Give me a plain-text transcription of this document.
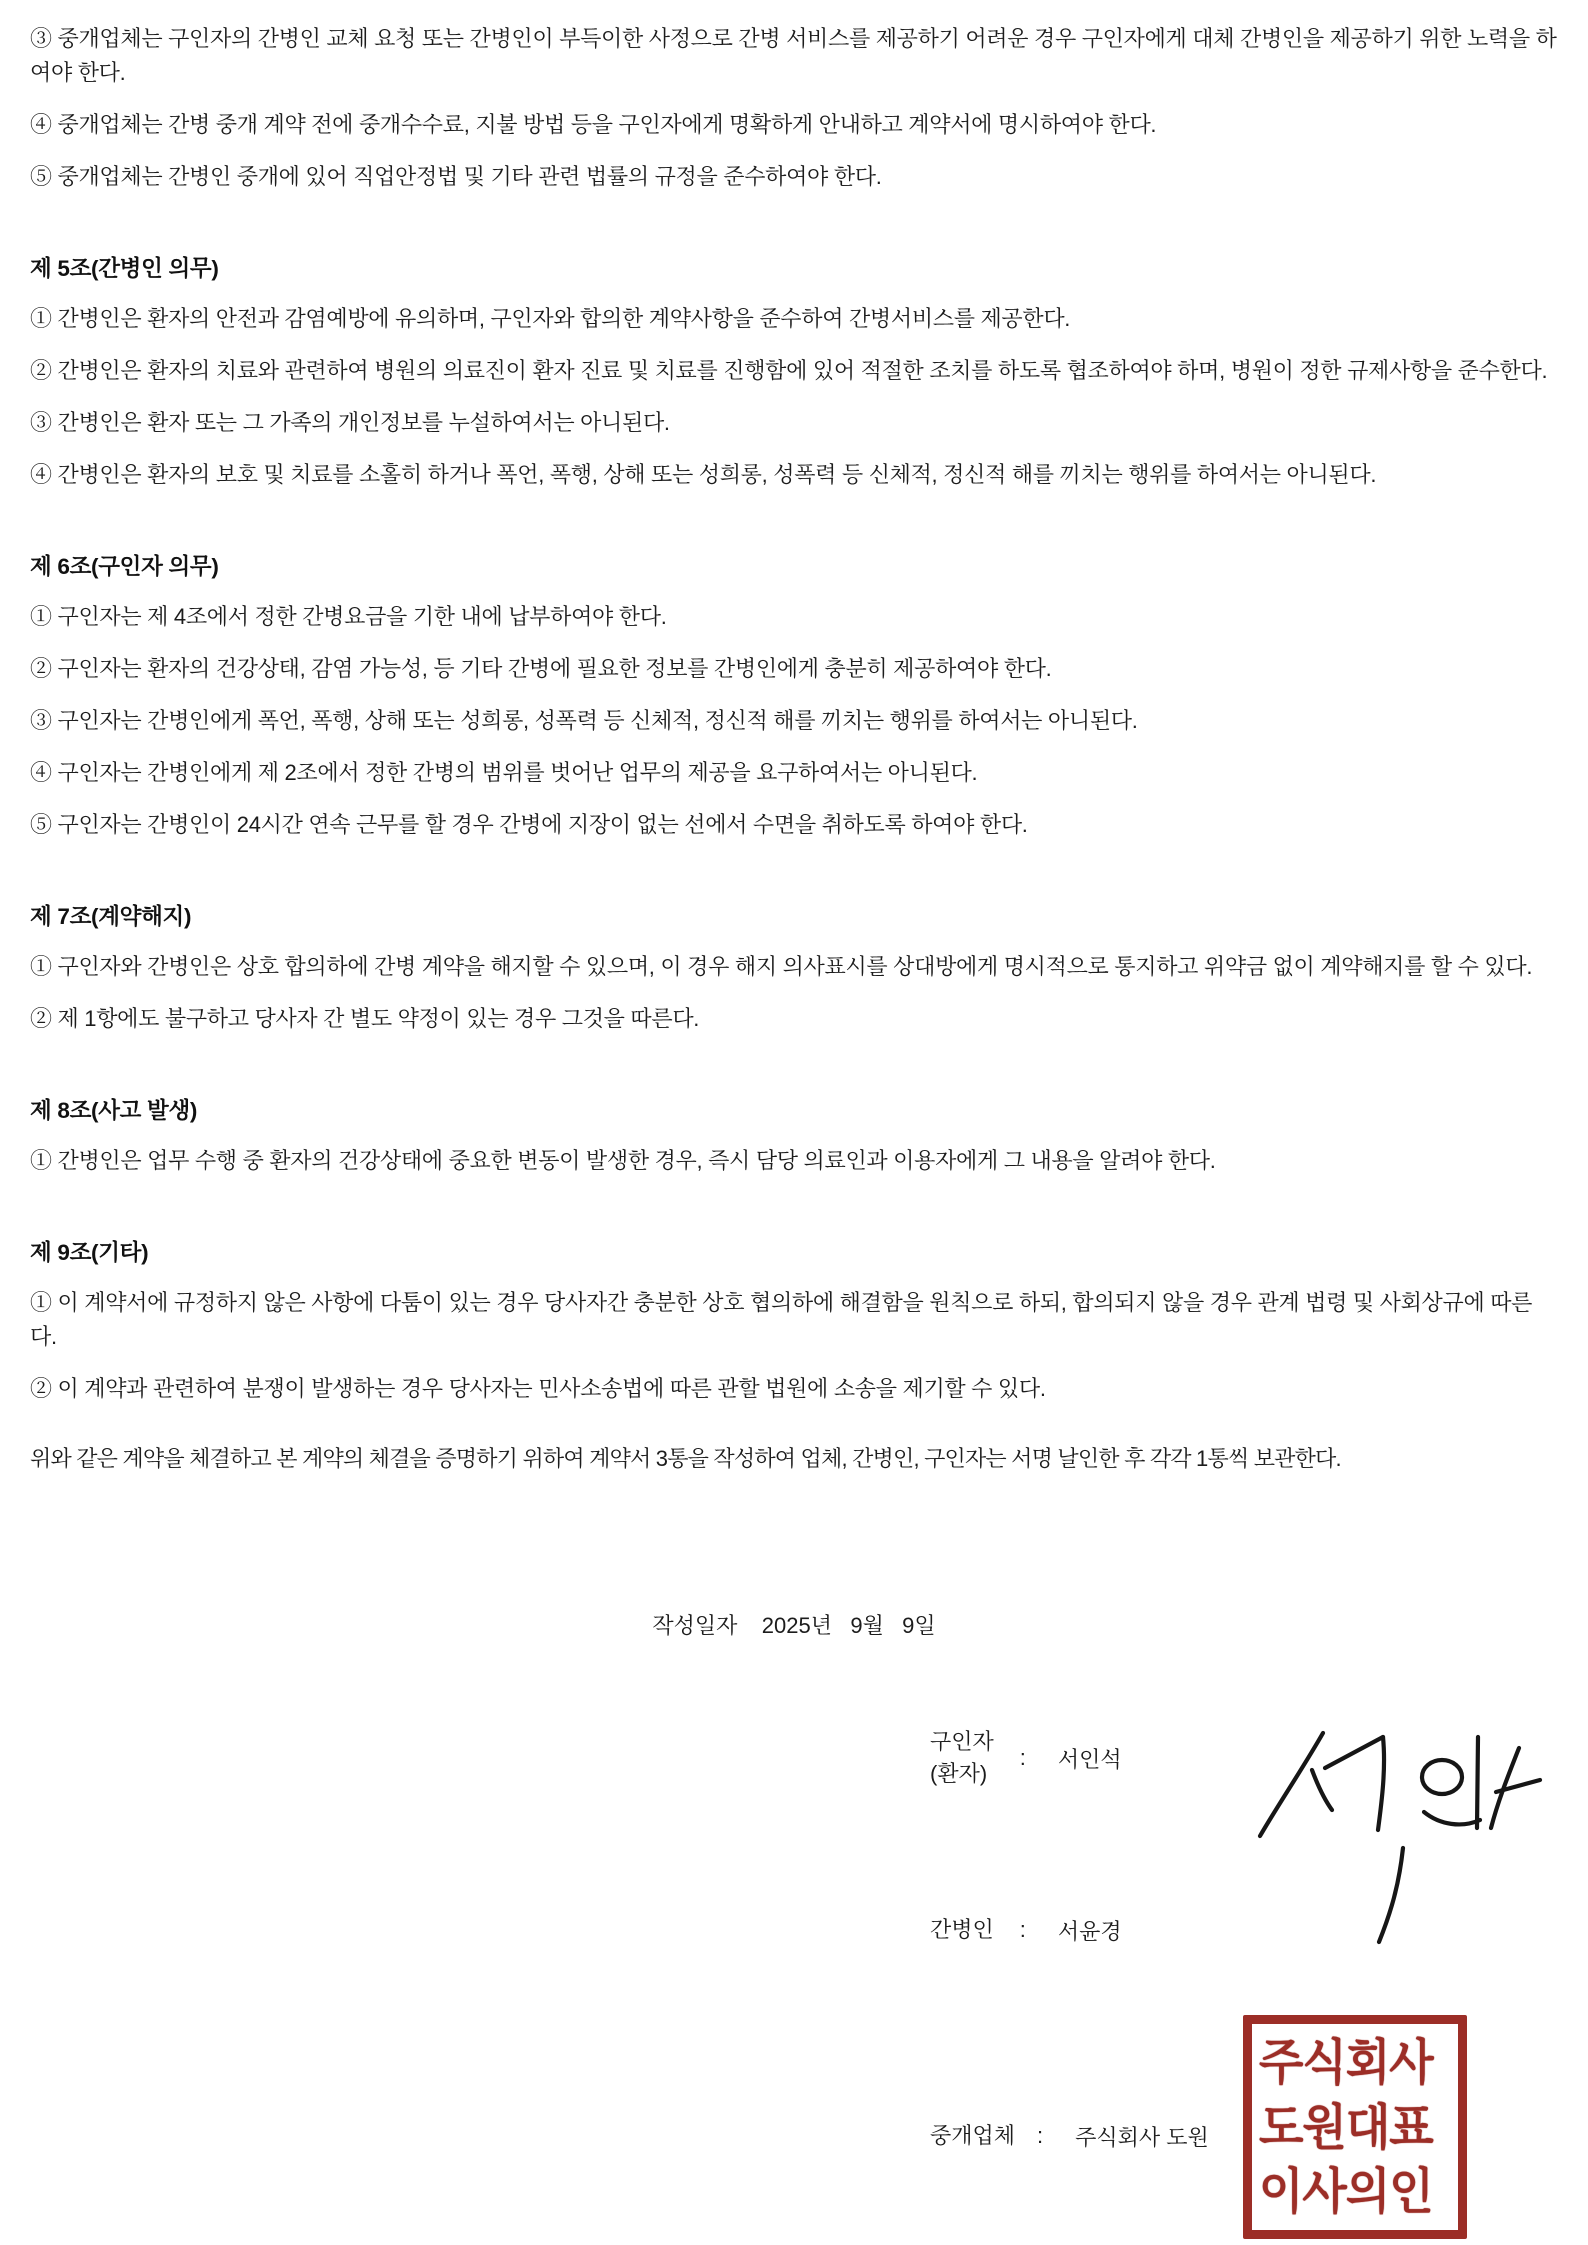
③ 중개업체는 구인자의 간병인 교체 요청 또는 간병인이 부득이한 사정으로 간병 서비스를 제공하기 어려운 경우 구인자에게 대체 간병인을 제공하기 위한 노력을 하여야 한다.

④ 중개업체는 간병 중개 계약 전에 중개수수료, 지불 방법 등을 구인자에게 명확하게 안내하고 계약서에 명시하여야 한다.

⑤ 중개업체는 간병인 중개에 있어 직업안정법 및 기타 관련 법률의 규정을 준수하여야 한다.

제 5조(간병인 의무)

① 간병인은 환자의 안전과 감염예방에 유의하며, 구인자와 합의한 계약사항을 준수하여 간병서비스를 제공한다.

② 간병인은 환자의 치료와 관련하여 병원의 의료진이 환자 진료 및 치료를 진행함에 있어 적절한 조치를 하도록 협조하여야 하며, 병원이 정한 규제사항을 준수한다.

③ 간병인은 환자 또는 그 가족의 개인정보를 누설하여서는 아니된다.

④ 간병인은 환자의 보호 및 치료를 소홀히 하거나 폭언, 폭행, 상해 또는 성희롱, 성폭력 등 신체적, 정신적 해를 끼치는 행위를 하여서는 아니된다.

제 6조(구인자 의무)

① 구인자는 제 4조에서 정한 간병요금을 기한 내에 납부하여야 한다.

② 구인자는 환자의 건강상태, 감염 가능성, 등 기타 간병에 필요한 정보를 간병인에게 충분히 제공하여야 한다.

③ 구인자는 간병인에게 폭언, 폭행, 상해 또는 성희롱, 성폭력 등 신체적, 정신적 해를 끼치는 행위를 하여서는 아니된다.

④ 구인자는 간병인에게 제 2조에서 정한 간병의 범위를 벗어난 업무의 제공을 요구하여서는 아니된다.

⑤ 구인자는 간병인이 24시간 연속 근무를 할 경우 간병에 지장이 없는 선에서 수면을 취하도록 하여야 한다.

제 7조(계약해지)

① 구인자와 간병인은 상호 합의하에 간병 계약을 해지할 수 있으며, 이 경우 해지 의사표시를 상대방에게 명시적으로 통지하고 위약금 없이 계약해지를 할 수 있다.

② 제 1항에도 불구하고 당사자 간 별도 약정이 있는 경우 그것을 따른다.

제 8조(사고 발생)

① 간병인은 업무 수행 중 환자의 건강상태에 중요한 변동이 발생한 경우, 즉시 담당 의료인과 이용자에게 그 내용을 알려야 한다.

제 9조(기타)

① 이 계약서에 규정하지 않은 사항에 다툼이 있는 경우 당사자간 충분한 상호 협의하에 해결함을 원칙으로 하되, 합의되지 않을 경우 관계 법령 및 사회상규에 따른다.

② 이 계약과 관련하여 분쟁이 발생하는 경우 당사자는 민사소송법에 따른 관할 법원에 소송을 제기할 수 있다.

위와 같은 계약을 체결하고 본 계약의 체결을 증명하기 위하여 계약서 3통을 작성하여 업체, 간병인, 구인자는 서명 날인한 후 각각 1통씩 보관한다.

작성일자    2025년   9월   9일
구인자
(환자)
: 서인석
간병인 : 서윤경
중개업체 : 주식회사 도원
주식회사
도원대표
이사의인
